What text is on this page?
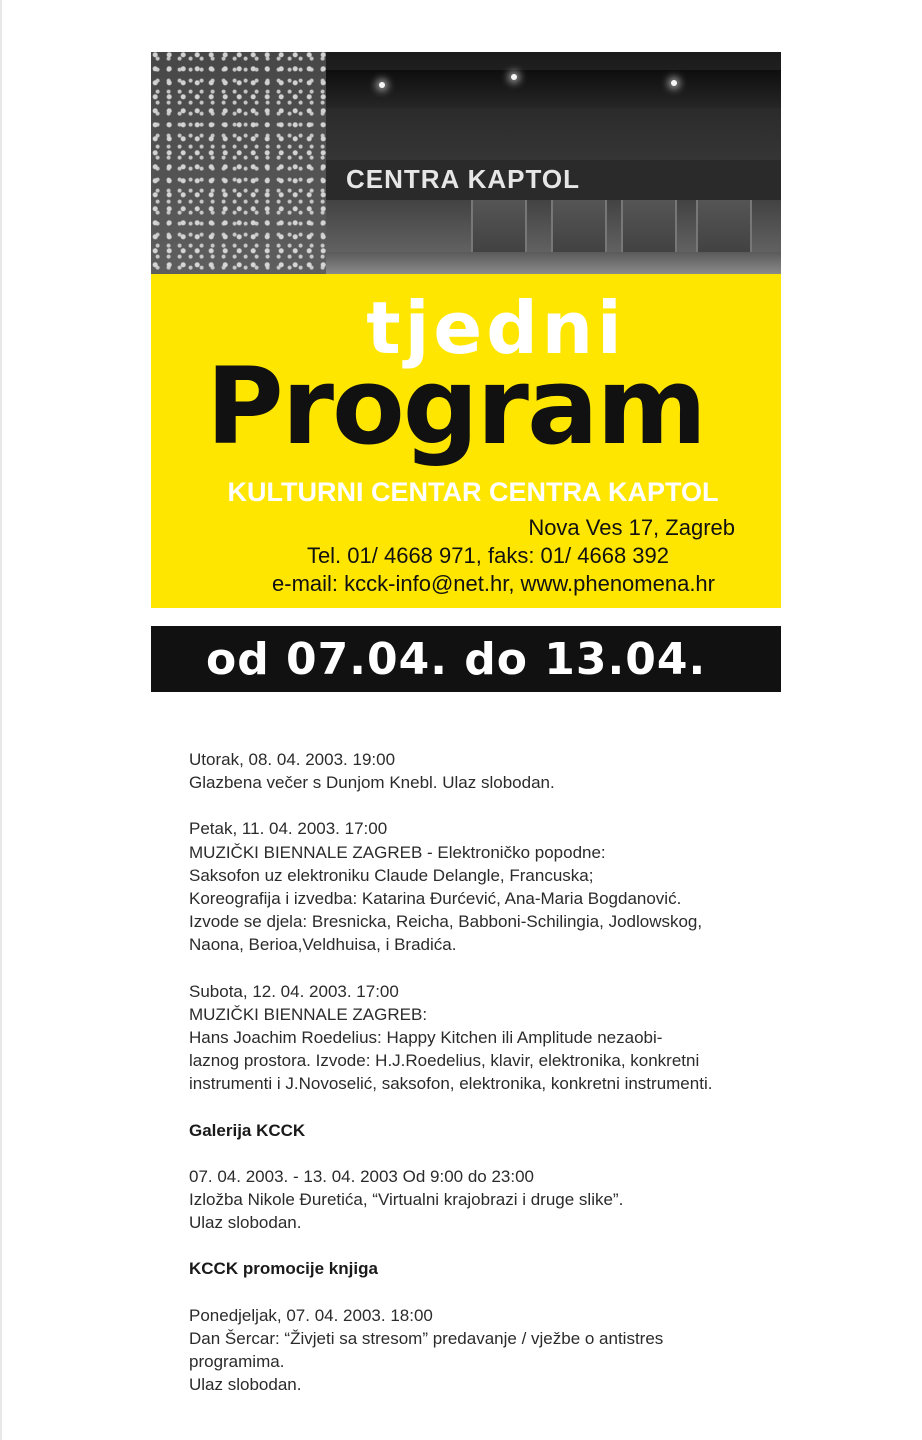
CENTRA KAPTOL
tjedni
Program
KULTURNI CENTAR CENTRA KAPTOL
Nova Ves 17, Zagreb
Tel. 01/ 4668 971, faks: 01/ 4668 392
e-mail: kcck-info@net.hr, www.phenomena.hr
od 07.04. do 13.04.

Utorak, 08. 04. 2003. 19:00

Glazbena večer s Dunjom Knebl. Ulaz slobodan.

Petak, 11. 04. 2003. 17:00

MUZIČKI BIENNALE ZAGREB - Elektroničko popodne:

Saksofon uz elektroniku Claude Delangle, Francuska;

Koreografija i izvedba: Katarina Đurćević, Ana-Maria Bogdanović.

Izvode se djela: Bresnicka, Reicha, Babboni-Schilingia, Jodlowskog,

Naona, Berioa,Veldhuisa, i Bradića.

Subota, 12. 04. 2003. 17:00

MUZIČKI BIENNALE ZAGREB:

Hans Joachim Roedelius: Happy Kitchen ili Amplitude nezaobi-

laznog prostora. Izvode: H.J.Roedelius, klavir, elektronika, konkretni

instrumenti i J.Novoselić, saksofon, elektronika, konkretni instrumenti.

Galerija KCCK

07. 04. 2003. - 13. 04. 2003 Od 9:00 do 23:00

Izložba Nikole Đuretića, “Virtualni krajobrazi i druge slike”.

Ulaz slobodan.

KCCK promocije knjiga

Ponedjeljak, 07. 04. 2003. 18:00

Dan Šercar: “Živjeti sa stresom” predavanje / vježbe o antistres

programima.

Ulaz slobodan.
